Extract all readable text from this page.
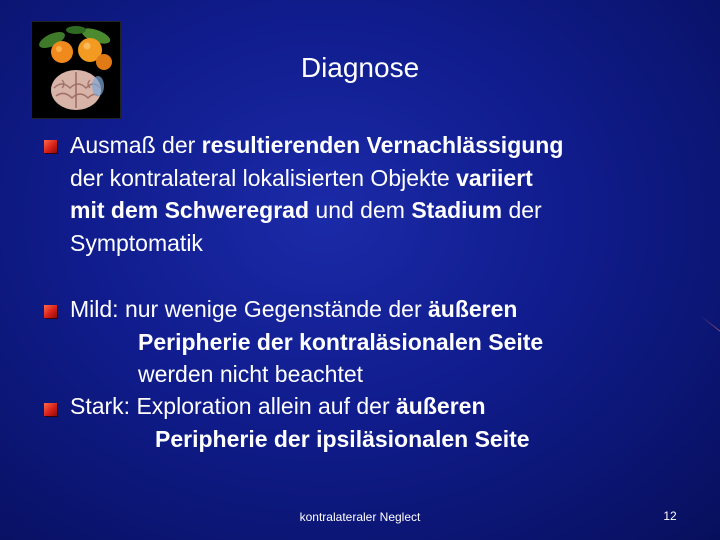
Diagnose
Ausmaß der resultierenden Vernachlässigung
der kontralateral lokalisierten Objekte variiert
mit dem Schweregrad und dem Stadium der
Symptomatik
Mild: nur wenige Gegenstände der äußeren
Peripherie der kontraläsionalen Seite
werden nicht beachtet
Stark: Exploration allein auf der äußeren
Peripherie der ipsiläsionalen Seite
kontralateraler Neglect	12
